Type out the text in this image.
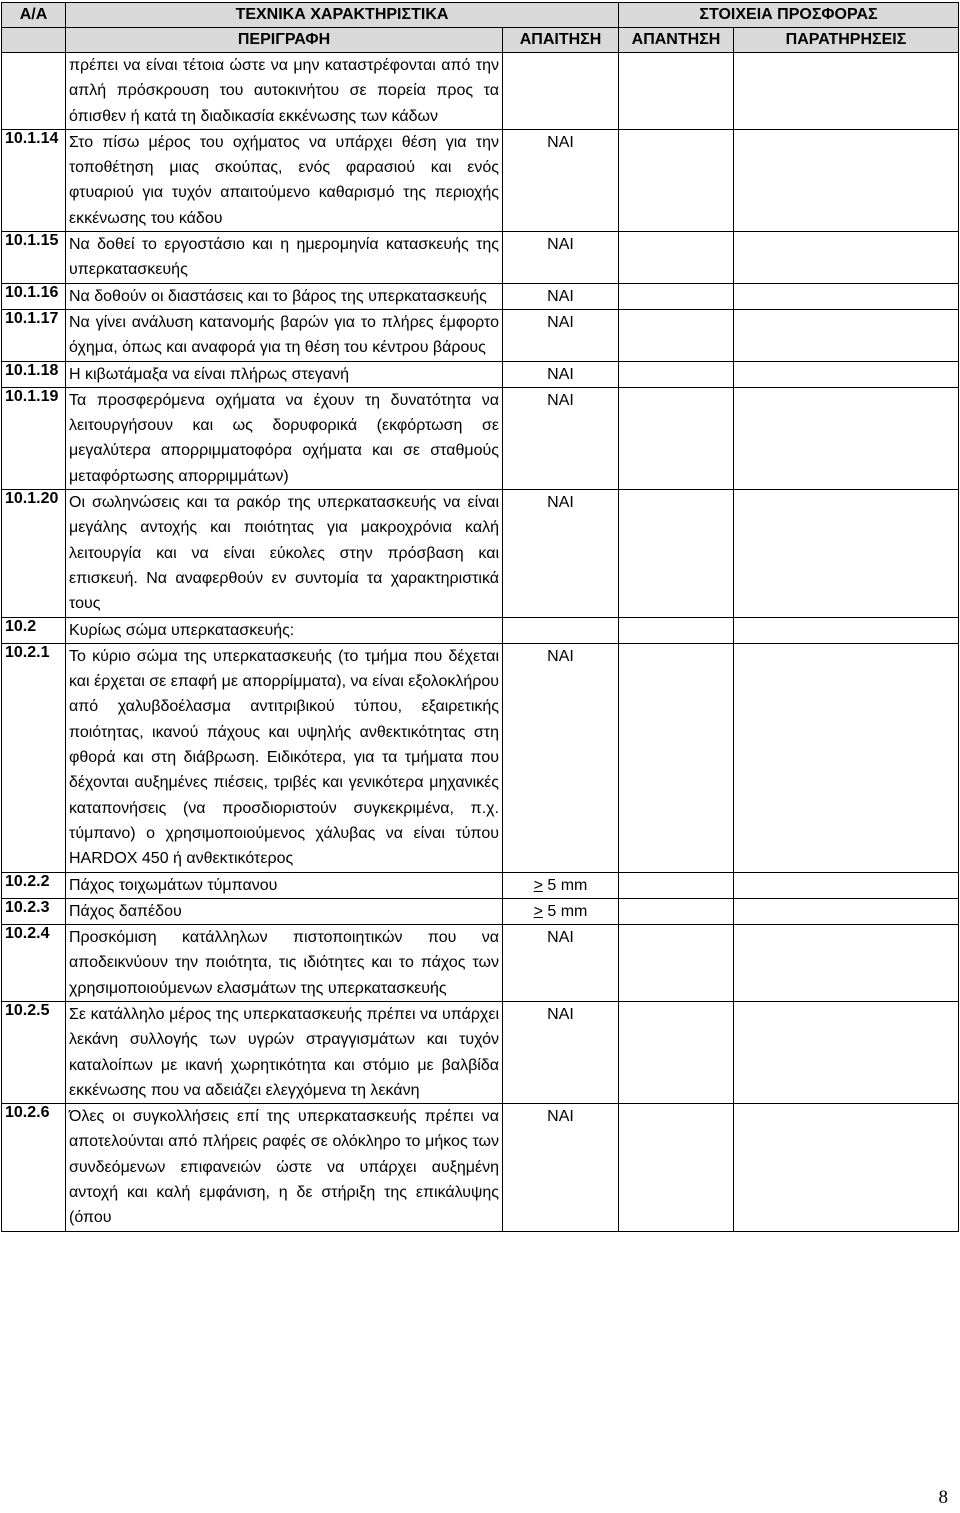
Α/Α	ΤΕΧΝΙΚΑ ΧΑΡΑΚΤΗΡΙΣΤΙΚΑ		ΣΤΟΙΧΕΙΑ ΠΡΟΣΦΟΡΑΣ	
	ΠΕΡΙΓΡΑΦΗ	ΑΠΑΙΤΗΣΗ	ΑΠΑΝΤΗΣΗ	ΠΑΡΑΤΗΡΗΣΕΙΣ
	πρέπει να είναι τέτοια ώστε να μην καταστρέφονται από την απλή πρόσκρουση του αυτοκινήτου σε πορεία προς τα όπισθεν ή κατά τη διαδικασία εκκένωσης των κάδων			
10.1.14	Στο πίσω μέρος του οχήματος να υπάρχει θέση για την τοποθέτηση μιας σκούπας, ενός φαρασιού και ενός φτυαριού για τυχόν απαιτούμενο καθαρισμό της περιοχής εκκένωσης του κάδου	ΝΑΙ		
10.1.15	Να δοθεί το εργοστάσιο και η ημερομηνία κατασκευής της υπερκατασκευής	ΝΑΙ		
10.1.16	Να δοθούν οι διαστάσεις και το βάρος της υπερκατασκευής	ΝΑΙ		
10.1.17	Να γίνει ανάλυση κατανομής βαρών για το πλήρες έμφορτο όχημα, όπως και αναφορά για τη θέση του κέντρου βάρους	ΝΑΙ		
10.1.18	Η κιβωτάμαξα να είναι πλήρως στεγανή	ΝΑΙ		
10.1.19	Τα προσφερόμενα οχήματα να έχουν τη δυνατότητα να λειτουργήσουν και ως δορυφορικά (εκφόρτωση σε μεγαλύτερα απορριμματοφόρα οχήματα και σε σταθμούς μεταφόρτωσης απορριμμάτων)	ΝΑΙ		
10.1.20	Οι σωληνώσεις και τα ρακόρ της υπερκατασκευής να είναι μεγάλης αντοχής και ποιότητας για μακροχρόνια καλή λειτουργία και να είναι εύκολες στην πρόσβαση και επισκευή. Να αναφερθούν εν συντομία τα χαρακτηριστικά τους	ΝΑΙ		
10.2	Κυρίως σώμα υπερκατασκευής:			
10.2.1	Το κύριο σώμα της υπερκατασκευής (το τμήμα που δέχεται και έρχεται σε επαφή με απορρίμματα), να είναι εξολοκλήρου από χαλυβδοέλασμα αντιτριβικού τύπου, εξαιρετικής ποιότητας, ικανού πάχους και υψηλής ανθεκτικότητας στη φθορά και στη διάβρωση. Ειδικότερα, για τα τμήματα που δέχονται αυξημένες πιέσεις, τριβές και γενικότερα μηχανικές καταπονήσεις (να προσδιοριστούν συγκεκριμένα, π.χ. τύμπανο) ο χρησιμοποιούμενος χάλυβας να είναι τύπου HARDOX 450 ή ανθεκτικότερος	ΝΑΙ		
10.2.2	Πάχος τοιχωμάτων τύμπανου	≥ 5 mm		
10.2.3	Πάχος δαπέδου	≥ 5 mm		
10.2.4	Προσκόμιση κατάλληλων πιστοποιητικών που να αποδεικνύουν την ποιότητα, τις ιδιότητες και το πάχος των χρησιμοποιούμενων ελασμάτων της υπερκατασκευής	ΝΑΙ		
10.2.5	Σε κατάλληλο μέρος της υπερκατασκευής πρέπει να υπάρχει λεκάνη συλλογής των υγρών στραγγισμάτων και τυχόν καταλοίπων με ικανή χωρητικότητα και στόμιο με βαλβίδα εκκένωσης που να αδειάζει ελεγχόμενα τη λεκάνη	ΝΑΙ		
10.2.6	Όλες οι συγκολλήσεις επί της υπερκατασκευής πρέπει να αποτελούνται από πλήρεις ραφές σε ολόκληρο το μήκος των συνδεόμενων επιφανειών ώστε να υπάρχει αυξημένη αντοχή και καλή εμφάνιση, η δε στήριξη της επικάλυψης (όπου	ΝΑΙ		
8
